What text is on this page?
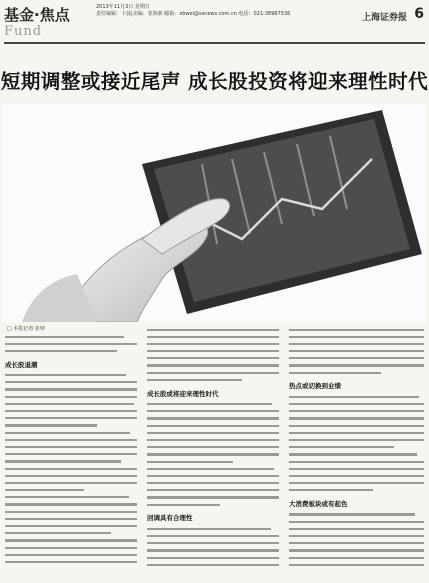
基金·焦点
Fund
2013年11月3日 星期日
责任编辑：卞晨|美编：张海新 邮箱：xbwei@ssnews.com.cn 电话：021-38967536	上海证券报 6
短期调整或接近尾声 成长股投资将迎来理性时代
□ 本报记者 崔钟
成长股退潮
成长股或将迎来理性时代
回调具有合理性
热点或切换到业绩
大消费板块或有起色
